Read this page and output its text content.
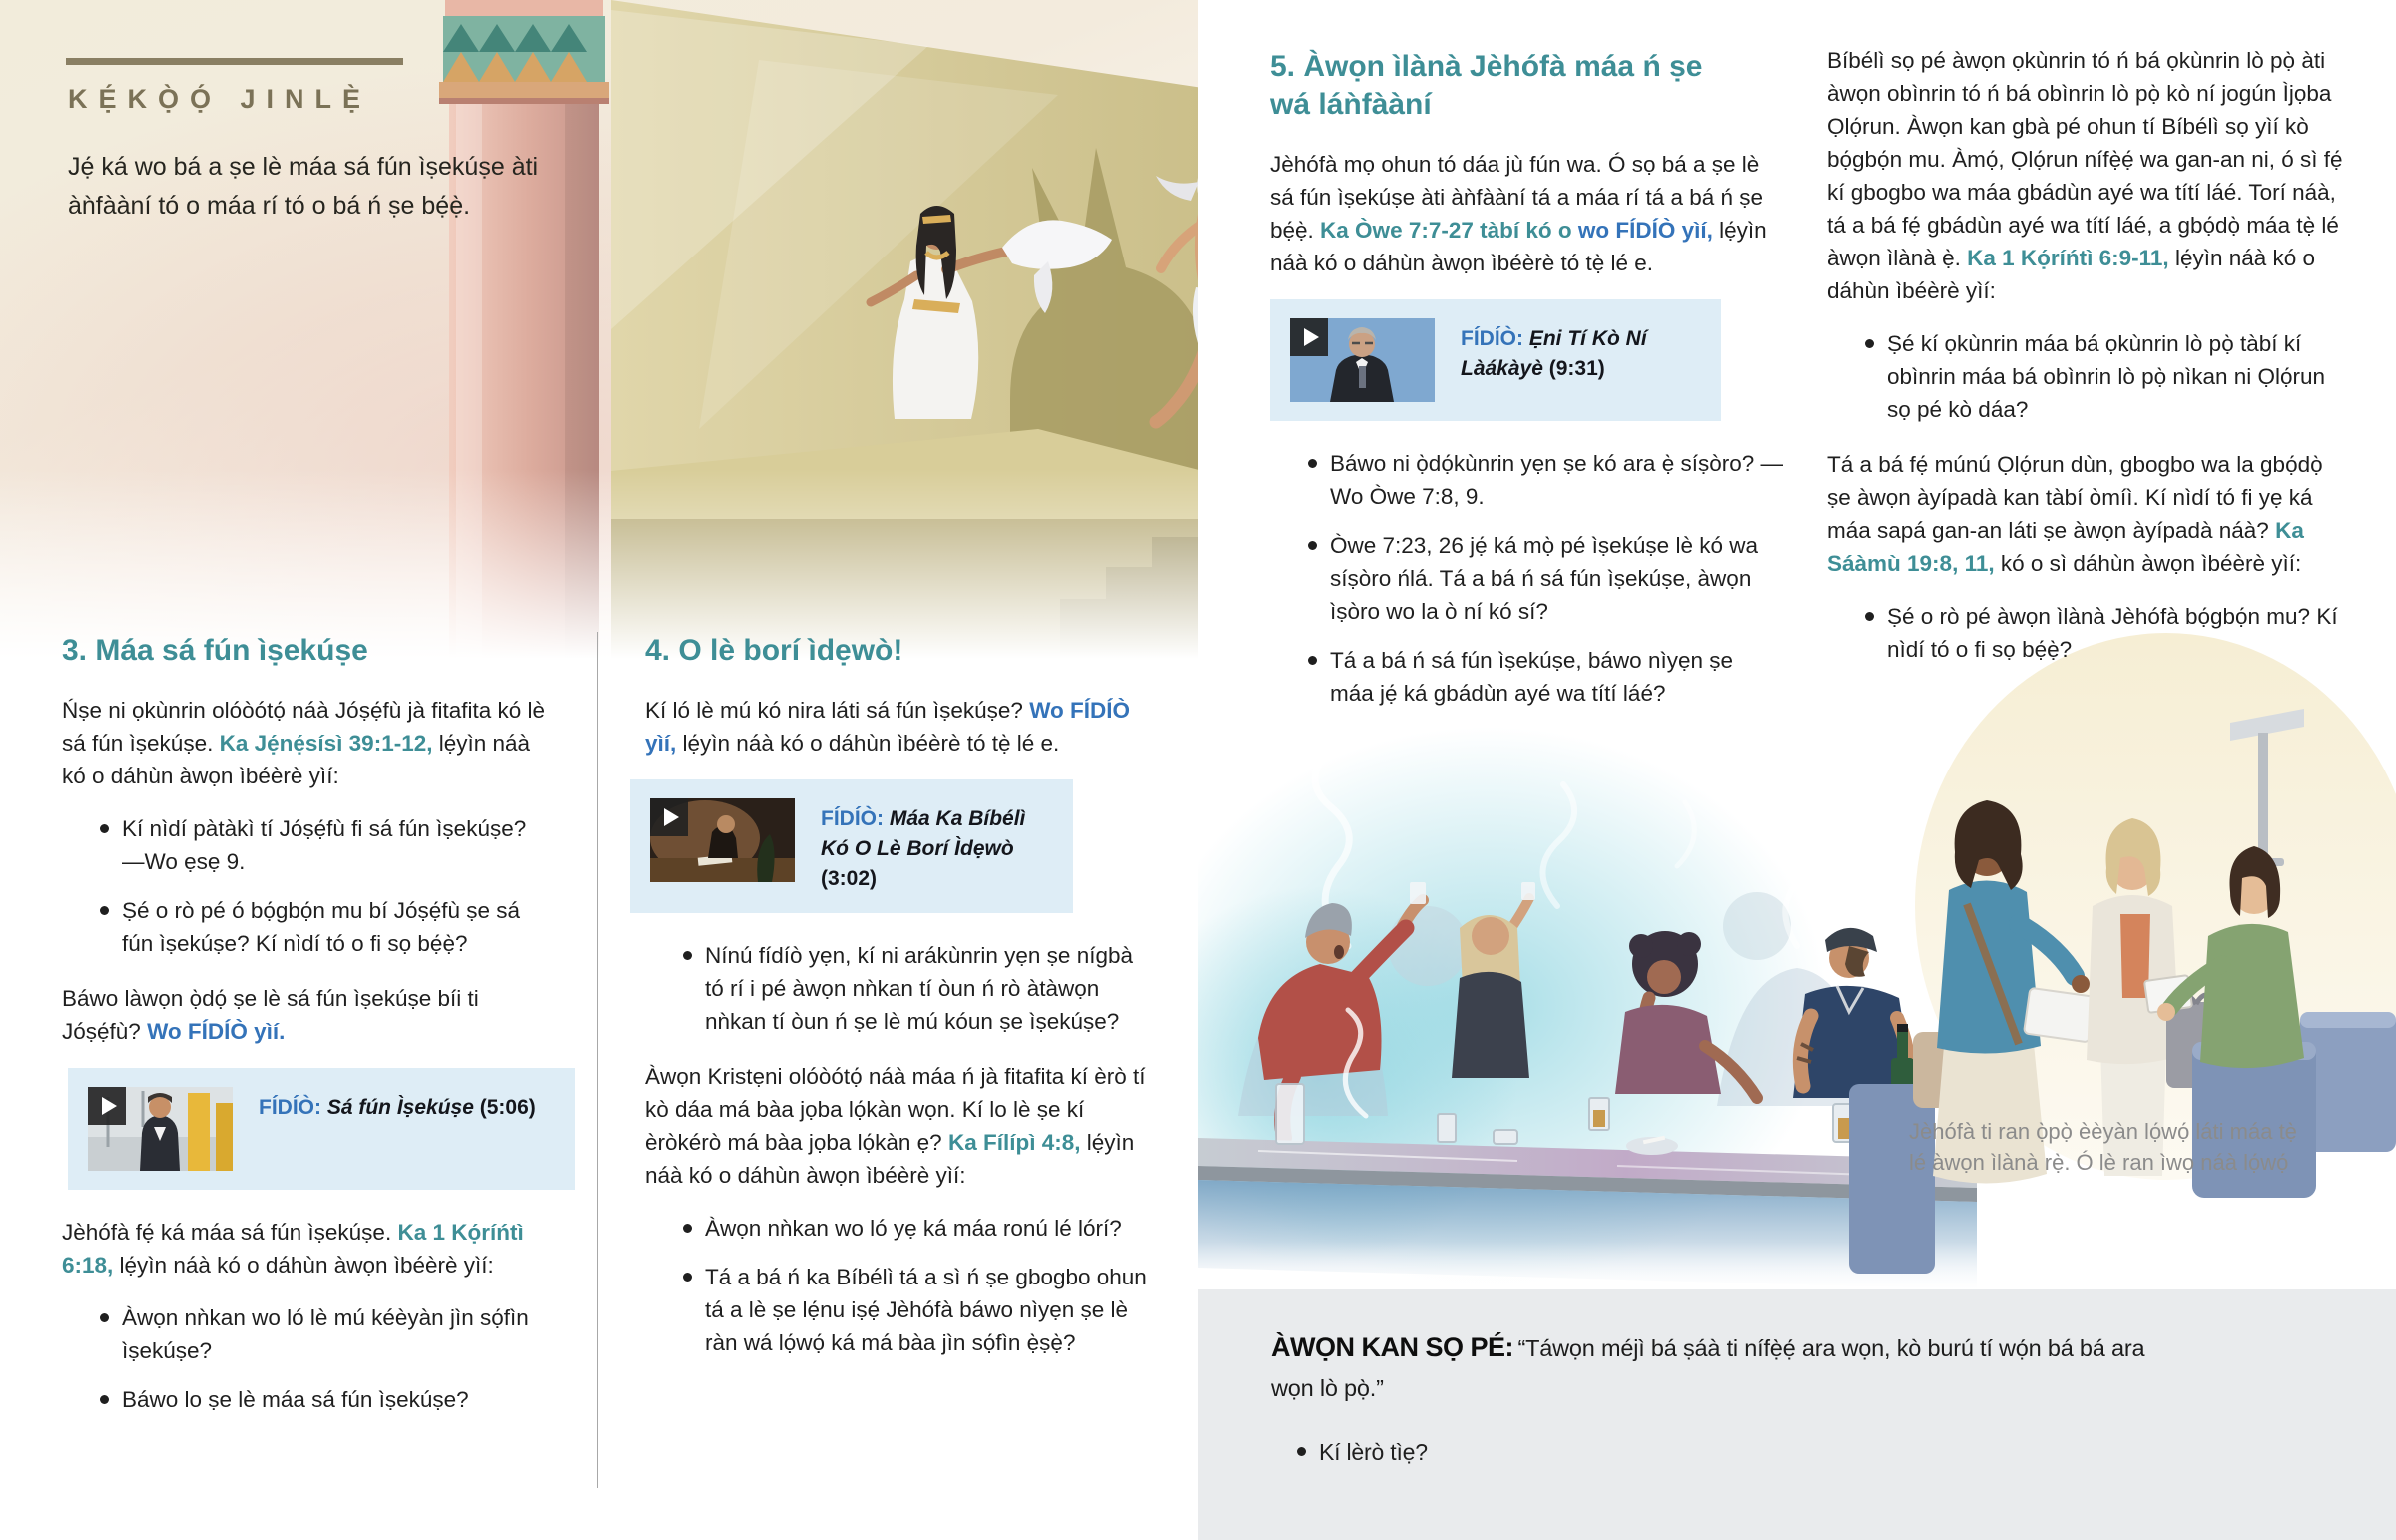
KẸ́KỌ̀Ọ́ JINLẸ̀
Jẹ́ ká wo bá a ṣe lè máa sá fún ìṣekúṣe àti àǹfààní tó o máa rí tó o bá ń ṣe bẹ́ẹ̀.
3. Máa sá fún ìṣekúṣe

Ńṣe ni ọkùnrin olóòótọ́ náà Jóṣẹ́fù jà fitafita kó lè sá fún ìṣekúṣe. Ka Jẹ́nẹ́sísì 39:1-12, lẹ́yìn náà kó o dáhùn àwọn ìbéèrè yìí:

Kí nìdí pàtàkì tí Jóṣẹ́fù fi sá fún ìṣekúṣe? —Wo ẹsẹ 9.
Ṣé o rò pé ó bọ́gbọ́n mu bí Jóṣẹ́fù ṣe sá fún ìṣekúṣe? Kí nìdí tó o fi sọ bẹ́ẹ̀?

Báwo làwọn ọ̀dọ́ ṣe lè sá fún ìṣekúṣe bíi ti Jóṣẹ́fù? Wo FÍDÍÒ yìí.

FÍDÍÒ: Sá fún Ìṣekúṣe (5:06)

Jèhófà fẹ́ ká máa sá fún ìṣekúṣe. Ka 1 Kọ́ríńtì 6:18, lẹ́yìn náà kó o dáhùn àwọn ìbéèrè yìí:

Àwọn nǹkan wo ló lè mú kéèyàn jìn sọ́fìn ìṣekúṣe?
Báwo lo ṣe lè máa sá fún ìṣekúṣe?
4. O lè borí ìdẹwò!

Kí ló lè mú kó nira láti sá fún ìṣekúṣe? Wo FÍDÍÒ yìí, lẹ́yìn náà kó o dáhùn ìbéèrè tó tẹ̀ lé e.

FÍDÍÒ: Máa Ka Bíbélì Kó O Lè Borí Ìdẹwò (3:02)

Nínú fídíò yẹn, kí ni arákùnrin yẹn ṣe nígbà tó rí i pé àwọn nǹkan tí òun ń rò àtàwọn nǹkan tí òun ń ṣe lè mú kóun ṣe ìṣekúṣe?

Àwọn Kristẹni olóòótọ́ náà máa ń jà fitafita kí èrò tí kò dáa má bàa jọba lọ́kàn wọn. Kí lo lè ṣe kí èròkérò má bàa jọba lọ́kàn ẹ? Ka Fílípì 4:8, lẹ́yìn náà kó o dáhùn àwọn ìbéèrè yìí:

Àwọn nǹkan wo ló yẹ ká máa ronú lé lórí?
Tá a bá ń ka Bíbélì tá a sì ń ṣe gbogbo ohun tá a lè ṣe lẹ́nu iṣẹ́ Jèhófà báwo nìyẹn ṣe lè ràn wá lọ́wọ́ ká má bàa jìn sọ́fìn ẹ̀ṣẹ̀?
Jèhófà ti ran ọ̀pọ̀ èèyàn lọ́wọ́ láti máa tẹ̀ lé àwọn ìlànà rẹ̀. Ó lè ran ìwọ náà lọ́wọ́
5. Àwọn ìlànà Jèhófà máa ń ṣe wá láǹfààní

Jèhófà mọ ohun tó dáa jù fún wa. Ó sọ bá a ṣe lè sá fún ìṣekúṣe àti àǹfààní tá a máa rí tá a bá ń ṣe bẹ́ẹ̀. Ka Òwe 7:7-27 tàbí kó o wo FÍDÍÒ yìí, lẹ́yìn náà kó o dáhùn àwọn ìbéèrè tó tẹ̀ lé e.

FÍDÍÒ: Ẹni Tí Kò Ní Làákàyè (9:31)

Báwo ni ọ̀dọ́kùnrin yẹn ṣe kó ara ẹ̀ síṣòro? —Wo Òwe 7:8, 9.
Òwe 7:23, 26 jẹ́ ká mọ̀ pé ìṣekúṣe lè kó wa síṣòro ńlá. Tá a bá ń sá fún ìṣekúṣe, àwọn ìṣòro wo la ò ní kó sí?
Tá a bá ń sá fún ìṣekúṣe, báwo nìyẹn ṣe máa jẹ́ ká gbádùn ayé wa títí láé?

Bíbélì sọ pé àwọn ọkùnrin tó ń bá ọkùnrin lò pọ̀ àti àwọn obìnrin tó ń bá obìnrin lò pọ̀ kò ní jogún Ìjọba Ọlọ́run. Àwọn kan gbà pé ohun tí Bíbélì sọ yìí kò bọ́gbọ́n mu. Àmọ́, Ọlọ́run nífẹ̀ẹ́ wa gan-an ni, ó sì fẹ́ kí gbogbo wa máa gbádùn ayé wa títí láé. Torí náà, tá a bá fẹ́ gbádùn ayé wa títí láé, a gbọ́dọ̀ máa tẹ̀ lé àwọn ìlànà ẹ̀. Ka 1 Kọ́ríńtì 6:9-11, lẹ́yìn náà kó o dáhùn ìbéèrè yìí:

Ṣé kí ọkùnrin máa bá ọkùnrin lò pọ̀ tàbí kí obìnrin máa bá obìnrin lò pọ̀ nìkan ni Ọlọ́run sọ pé kò dáa?

Tá a bá fẹ́ múnú Ọlọ́run dùn, gbogbo wa la gbọ́dọ̀ ṣe àwọn àyípadà kan tàbí òmíì. Kí nìdí tó fi yẹ ká máa sapá gan-an láti ṣe àwọn àyípadà náà? Ka Sáàmù 19:8, 11, kó o sì dáhùn àwọn ìbéèrè yìí:

Ṣé o rò pé àwọn ìlànà Jèhófà bọ́gbọ́n mu? Kí nìdí tó o fi sọ bẹ́ẹ̀?

ÀWỌN KAN SỌ PÉ: “Táwọn méjì bá ṣáà ti nífẹ̀ẹ́ ara wọn, kò burú tí wọ́n bá bá ara wọn lò pọ̀.”

Kí lèrò tìẹ?
